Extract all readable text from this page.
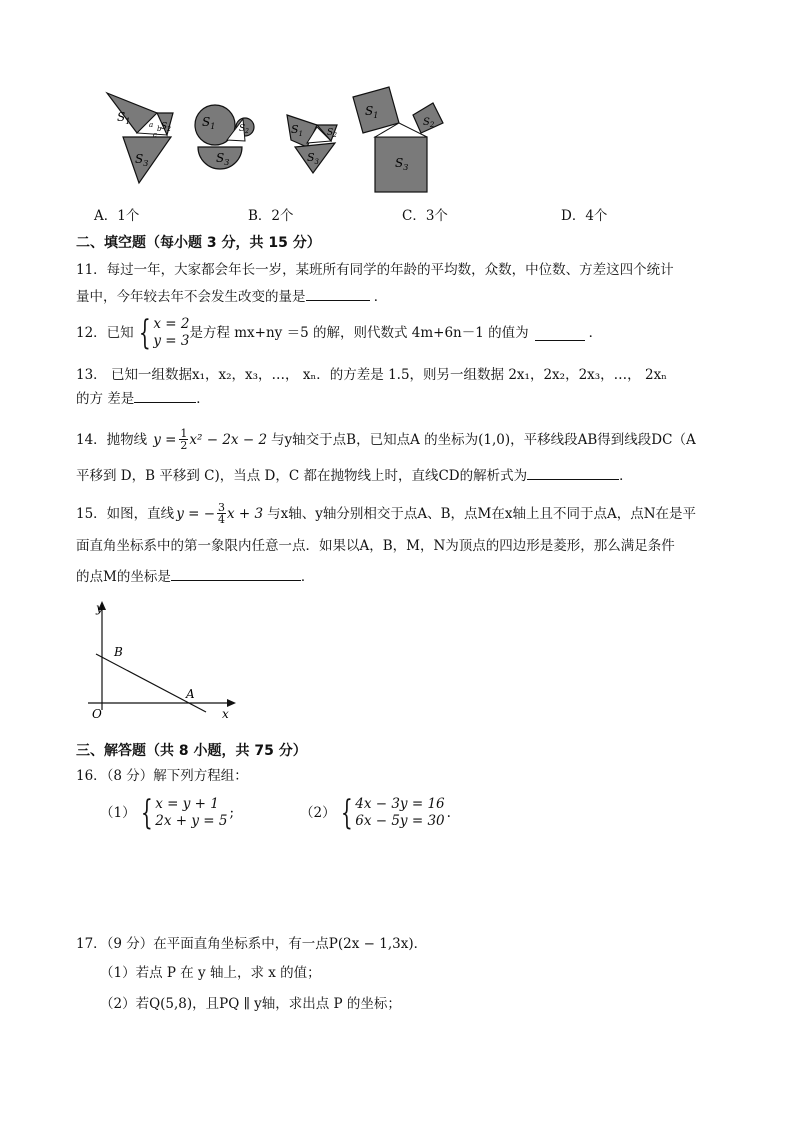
$S_1$
$S_2$
$S_3$
a b
c
$S_1$	$S_2$
$S_3$
$S_1$	$S_2$
$S_3$
$S_1$
$S_2$
$S_3$
A．1个	B．2个	C．3个	D．4个
二、填空题（每小题 3 分，共 15 分）
11．每过一年，大家都会年长一岁，某班所有同学的年龄的平均数，众数，中位数、方差这四个统计
量中，今年较去年不会发生改变的量是	．
12．已知 { x = 2
y = 3 是方程 mx+ny ＝5 的解，则代数式 4m+6n－1 的值为	．
13． 已知一组数据x₁，x₂，x₃，…， xₙ．的方差是 1.5，则另一组数据 2x₁，2x₂，2x₃，…， 2xₙ
的方 差是	．
14．抛物线 $y = \frac{1}{2} x^2 - 2x - 2$ 与y轴交于点B，已知点A 的坐标为(1,0)，平移线段AB得到线段DC（A
平移到 D，B 平移到 C)，当点 D，C 都在抛物线上时，直线CD的解析式为	．
15．如图，直线 y = − $\frac{3}{4}$ x + 3 与x轴、y轴分别相交于点A、B，点M在x轴上且不同于点A，点N在是平
面直角坐标系中的第一象限内任意一点．如果以A，B，M，N为顶点的四边形是菱形，那么满足条件
的点M的坐标是	．
y
x
O
B
A
三、解答题（共 8 小题，共 75 分）
16．（8 分）解下列方程组：
（1） { x = y + 1
2x + y = 5 ;	（2） { 4x − 3y = 16
6x − 5y = 30 .
17．（9 分）在平面直角坐标系中，有一点P(2x − 1,3x)．
（1）若点 P 在 y 轴上，求 x 的值；
（2）若Q(5,8)，且PQ ∥ y轴，求出点 P 的坐标；
